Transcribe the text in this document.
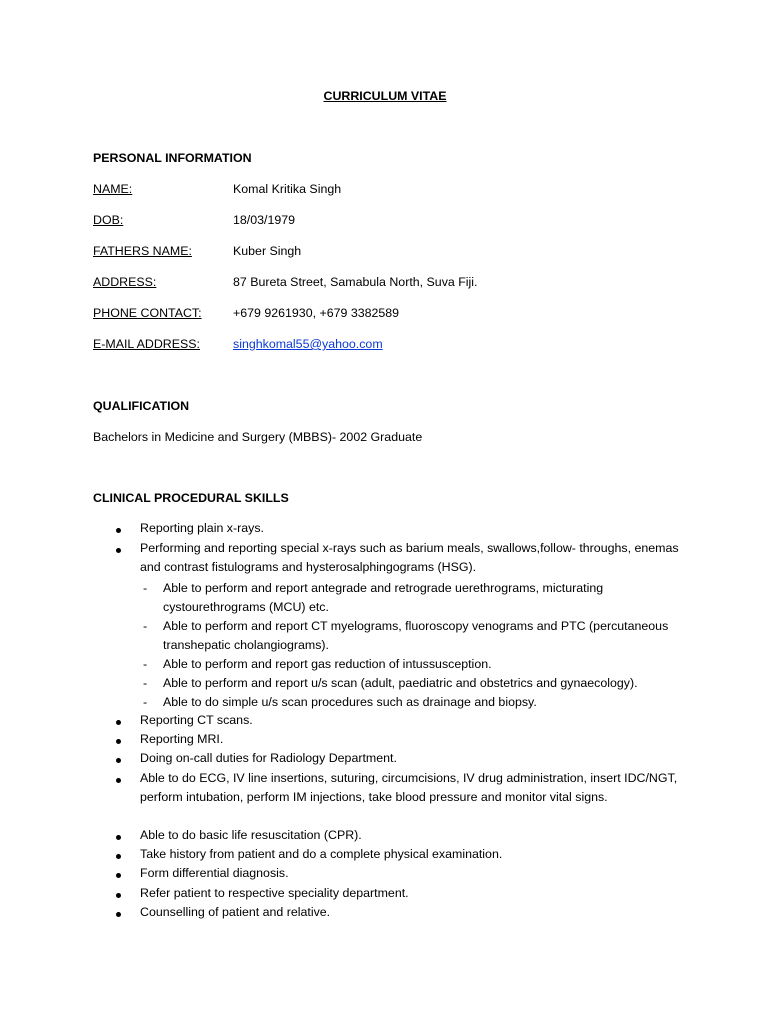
CURRICULUM VITAE
PERSONAL INFORMATION
NAME:	Komal Kritika Singh
DOB:	18/03/1979
FATHERS NAME:	Kuber Singh
ADDRESS:	87 Bureta Street, Samabula North, Suva Fiji.
PHONE CONTACT:	+679 9261930, +679 3382589
E-MAIL ADDRESS:	singhkomal55@yahoo.com
QUALIFICATION
Bachelors in Medicine and Surgery (MBBS)- 2002 Graduate
CLINICAL PROCEDURAL SKILLS
Reporting plain x-rays.
Performing and reporting special x-rays such as barium meals, swallows,follow- throughs, enemas and contrast fistulograms and hysterosalphingograms (HSG).
- Able to perform and report antegrade and retrograde uerethrograms, micturating cystourethrograms (MCU) etc.
- Able to perform and report CT myelograms, fluoroscopy venograms and PTC (percutaneous transhepatic cholangiograms).
- Able to perform and report gas reduction of intussusception.
- Able to perform and report u/s scan (adult, paediatric and obstetrics and gynaecology).
- Able to do simple u/s scan procedures such as drainage and biopsy.
Reporting CT scans.
Reporting MRI.
Doing on-call duties for Radiology Department.
Able to do ECG, IV line insertions, suturing, circumcisions, IV drug administration, insert IDC/NGT, perform intubation, perform IM injections, take blood pressure and monitor vital signs.
Able to do basic life resuscitation (CPR).
Take history from patient and do a complete physical examination.
Form differential diagnosis.
Refer patient to respective speciality department.
Counselling of patient and relative.
